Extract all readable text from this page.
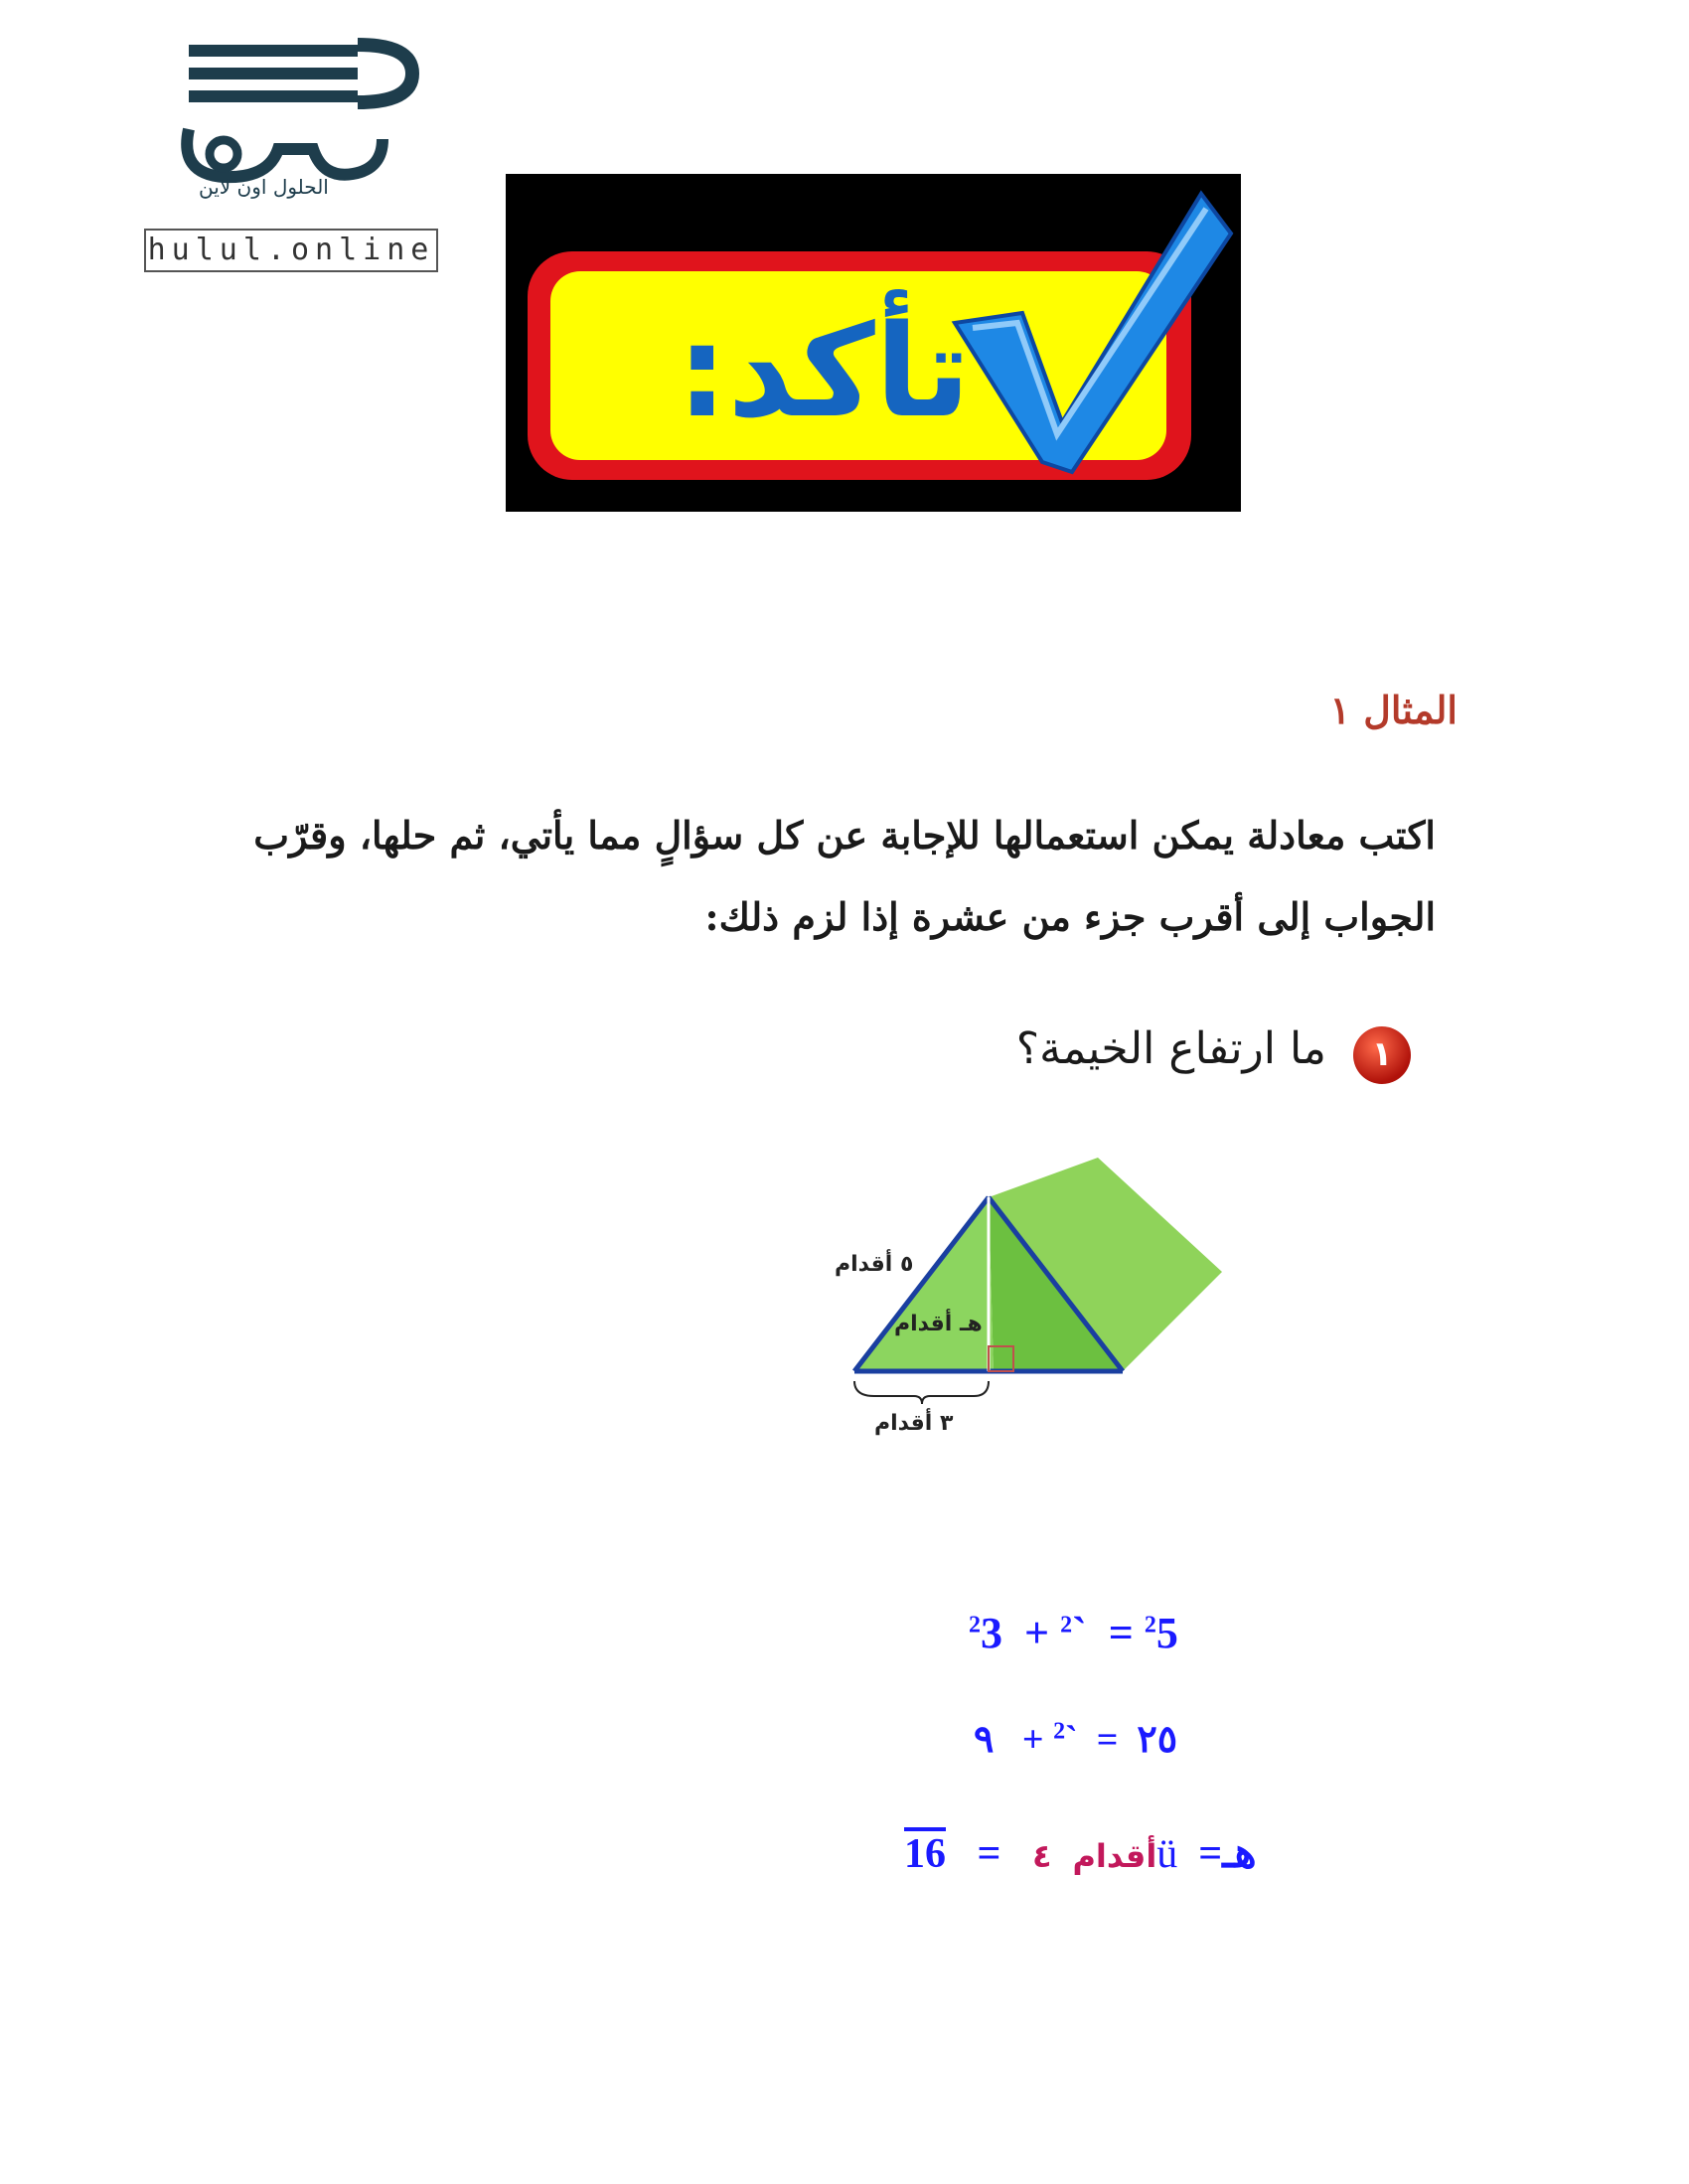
الحلول اون لاين
hulul.online
تأكد:
المثال ١
اكتب معادلة يمكن استعمالها للإجابة عن كل سؤالٍ مما يأتي، ثم حلها، وقرّب الجواب إلى أقرب جزء من عشرة إذا لزم ذلك:
١
ما ارتفاع الخيمة؟
٥ أقدام
هـ أقدام
٣ أقدام
$^2$3 + $^2$` = $^2$5
٩ + $^2$` = ٢٥
أقدام  ٤   =   16	ü =هـ
